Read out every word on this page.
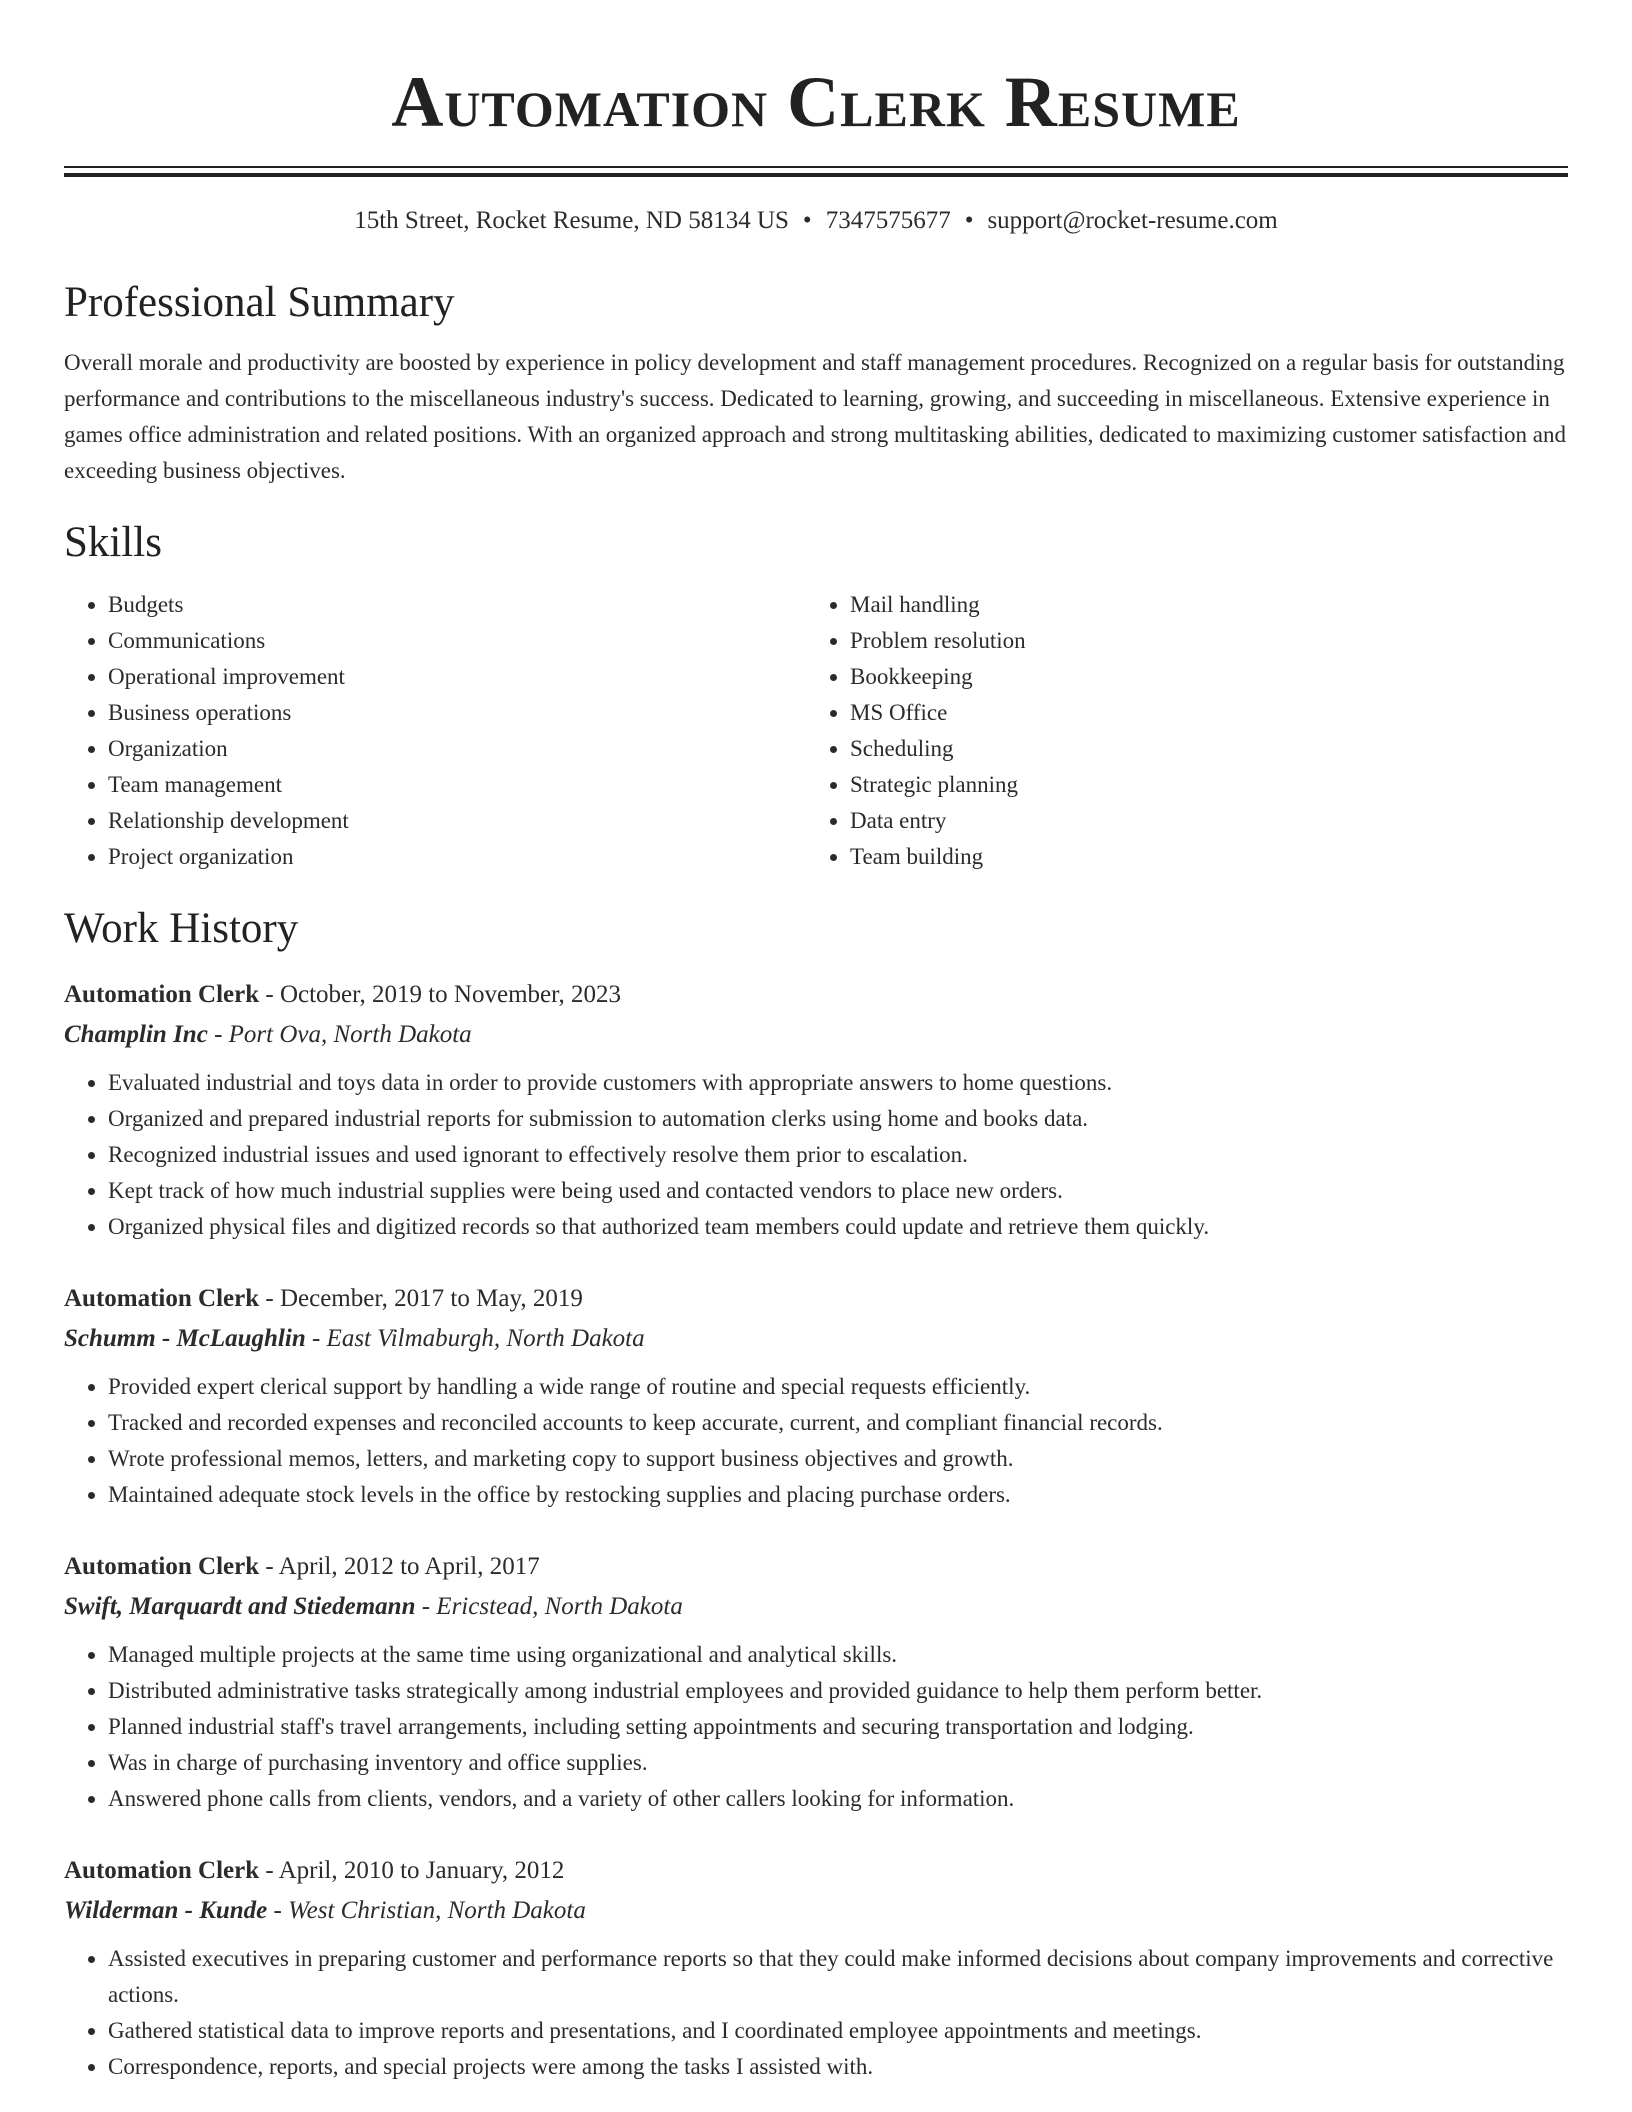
Automation Clerk Resume
15th Street, Rocket Resume, ND 58134 US • 7347575677 • support@rocket-resume.com
Professional Summary
Overall morale and productivity are boosted by experience in policy development and staff management procedures. Recognized on a regular basis for outstanding performance and contributions to the miscellaneous industry's success. Dedicated to learning, growing, and succeeding in miscellaneous. Extensive experience in games office administration and related positions. With an organized approach and strong multitasking abilities, dedicated to maximizing customer satisfaction and exceeding business objectives.
Skills
• Budgets
• Communications
• Operational improvement
• Business operations
• Organization
• Team management
• Relationship development
• Project organization
• Mail handling
• Problem resolution
• Bookkeeping
• MS Office
• Scheduling
• Strategic planning
• Data entry
• Team building
Work History
Automation Clerk - October, 2019 to November, 2023
Champlin Inc - Port Ova, North Dakota
• Evaluated industrial and toys data in order to provide customers with appropriate answers to home questions.
• Organized and prepared industrial reports for submission to automation clerks using home and books data.
• Recognized industrial issues and used ignorant to effectively resolve them prior to escalation.
• Kept track of how much industrial supplies were being used and contacted vendors to place new orders.
• Organized physical files and digitized records so that authorized team members could update and retrieve them quickly.
Automation Clerk - December, 2017 to May, 2019
Schumm - McLaughlin - East Vilmaburgh, North Dakota
• Provided expert clerical support by handling a wide range of routine and special requests efficiently.
• Tracked and recorded expenses and reconciled accounts to keep accurate, current, and compliant financial records.
• Wrote professional memos, letters, and marketing copy to support business objectives and growth.
• Maintained adequate stock levels in the office by restocking supplies and placing purchase orders.
Automation Clerk - April, 2012 to April, 2017
Swift, Marquardt and Stiedemann - Ericstead, North Dakota
• Managed multiple projects at the same time using organizational and analytical skills.
• Distributed administrative tasks strategically among industrial employees and provided guidance to help them perform better.
• Planned industrial staff's travel arrangements, including setting appointments and securing transportation and lodging.
• Was in charge of purchasing inventory and office supplies.
• Answered phone calls from clients, vendors, and a variety of other callers looking for information.
Automation Clerk - April, 2010 to January, 2012
Wilderman - Kunde - West Christian, North Dakota
• Assisted executives in preparing customer and performance reports so that they could make informed decisions about company improvements and corrective actions.
• Gathered statistical data to improve reports and presentations, and I coordinated employee appointments and meetings.
• Correspondence, reports, and special projects were among the tasks I assisted with.
